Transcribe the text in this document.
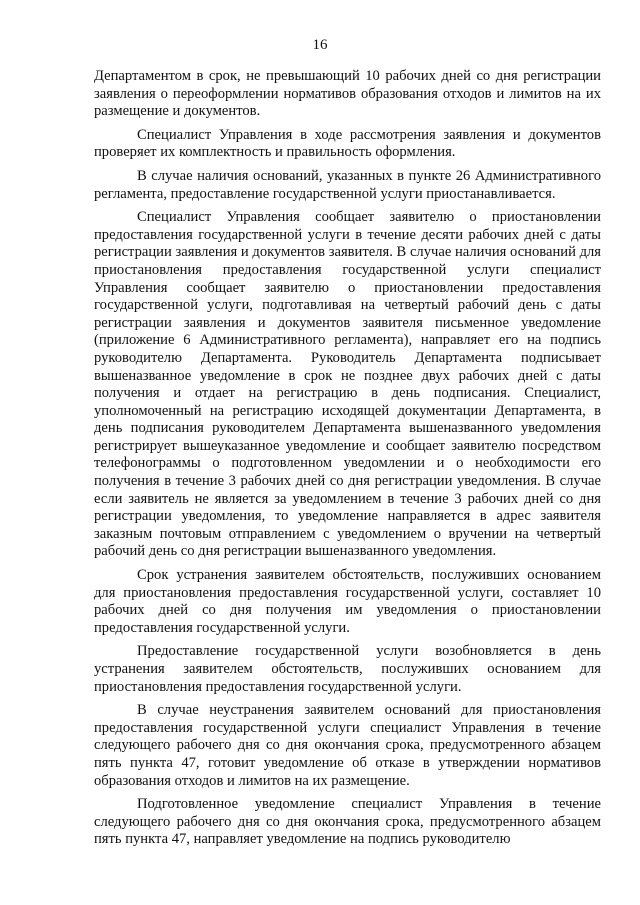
16

Департаментом в срок, не превышающий 10 рабочих дней со дня регистрации заявления о переоформлении нормативов образования отходов и лимитов на их размещение и документов.

Специалист Управления в ходе рассмотрения заявления и документов проверяет их комплектность и правильность оформления.

В случае наличия оснований, указанных в пункте 26 Административного регламента, предоставление государственной услуги приостанавливается.

Специалист Управления сообщает заявителю о приостановлении предоставления государственной услуги в течение десяти рабочих дней с даты регистрации заявления и документов заявителя. В случае наличия оснований для приостановления предоставления государственной услуги специалист Управления сообщает заявителю о приостановлении предоставления государственной услуги, подготавливая на четвертый рабочий день с даты регистрации заявления и документов заявителя письменное уведомление (приложение 6 Административного регламента), направляет его на подпись руководителю Департамента. Руководитель Департамента подписывает вышеназванное уведомление в срок не позднее двух рабочих дней с даты получения и отдает на регистрацию в день подписания. Специалист, уполномоченный на регистрацию исходящей документации Департамента, в день подписания руководителем Департамента вышеназванного уведомления регистрирует вышеуказанное уведомление и сообщает заявителю посредством телефонограммы о подготовленном уведомлении и о необходимости его получения в течение 3 рабочих дней со дня регистрации уведомления. В случае если заявитель не является за уведомлением в течение 3 рабочих дней со дня регистрации уведомления, то уведомление направляется в адрес заявителя заказным почтовым отправлением с уведомлением о вручении на четвертый рабочий день со дня регистрации вышеназванного уведомления.

Срок устранения заявителем обстоятельств, послуживших основанием для приостановления предоставления государственной услуги, составляет 10 рабочих дней со дня получения им уведомления о приостановлении предоставления государственной услуги.

Предоставление государственной услуги возобновляется в день устранения заявителем обстоятельств, послуживших основанием для приостановления предоставления государственной услуги.

В случае неустранения заявителем оснований для приостановления предоставления государственной услуги специалист Управления в течение следующего рабочего дня со дня окончания срока, предусмотренного абзацем пять пункта 47, готовит уведомление об отказе в утверждении нормативов образования отходов и лимитов на их размещение.

Подготовленное уведомление специалист Управления в течение следующего рабочего дня со дня окончания срока, предусмотренного абзацем пять пункта 47, направляет уведомление на подпись руководителю
